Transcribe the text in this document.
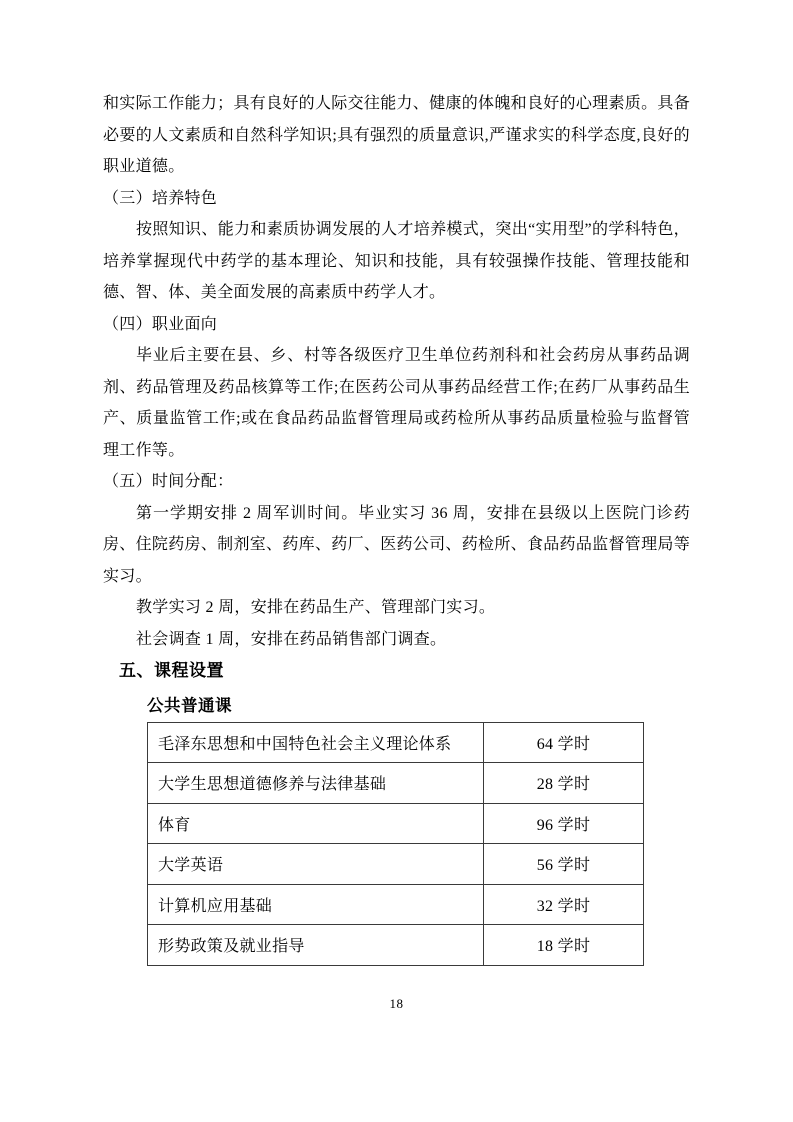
和实际工作能力；具有良好的人际交往能力、健康的体魄和良好的心理素质。具备必要的人文素质和自然科学知识;具有强烈的质量意识,严谨求实的科学态度,良好的职业道德。

（三）培养特色

按照知识、能力和素质协调发展的人才培养模式，突出“实用型”的学科特色，培养掌握现代中药学的基本理论、知识和技能，具有较强操作技能、管理技能和德、智、体、美全面发展的高素质中药学人才。

（四）职业面向

毕业后主要在县、乡、村等各级医疗卫生单位药剂科和社会药房从事药品调剂、药品管理及药品核算等工作;在医药公司从事药品经营工作;在药厂从事药品生产、质量监管工作;或在食品药品监督管理局或药检所从事药品质量检验与监督管理工作等。

（五）时间分配：

第一学期安排 2 周军训时间。毕业实习 36 周，安排在县级以上医院门诊药房、住院药房、制剂室、药库、药厂、医药公司、药检所、食品药品监督管理局等实习。

教学实习 2 周，安排在药品生产、管理部门实习。

社会调查 1 周，安排在药品销售部门调查。

五、课程设置

公共普通课

毛泽东思想和中国特色社会主义理论体系	64 学时
大学生思想道德修养与法律基础	28 学时
体育	96 学时
大学英语	56 学时
计算机应用基础	32 学时
形势政策及就业指导	18 学时
18
